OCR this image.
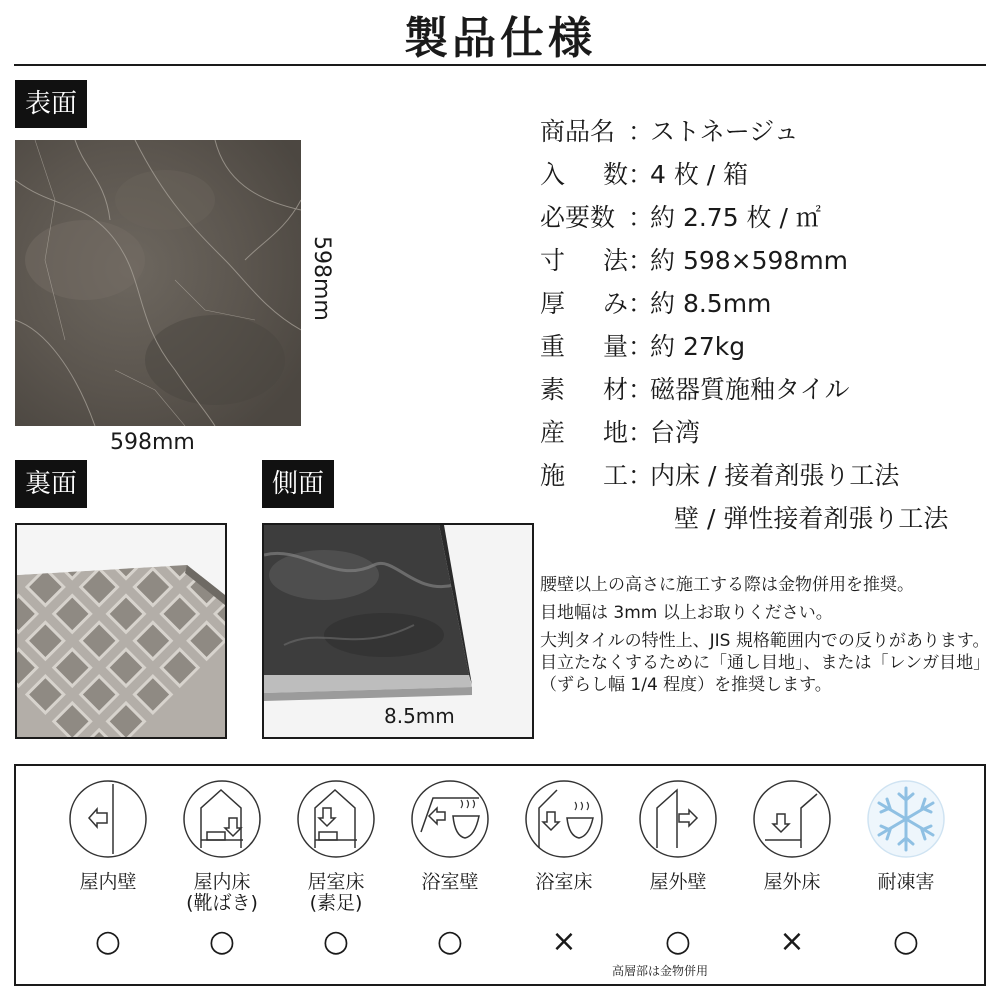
製品仕様
表面
598mm
598mm
裏面	側面
8.5mm
商品名 ：
ストネージュ
入 数 ：
4 枚 / 箱
必要数 ：
約 2.75 枚 / ㎡
寸 法 ：
約 598×598mm
厚 み ：
約 8.5mm
重 量 ：
約 27kg
素 材 ：
磁器質施釉タイル
産 地 ：
台湾
施 工 ：
内床 / 接着剤張り工法
壁 / 弾性接着剤張り工法
腰壁以上の高さに施工する際は金物併用を推奨。
目地幅は 3mm 以上お取りください。
大判タイルの特性上、JIS 規格範囲内での反りがあります。目立たなくするために「通し目地」、または「レンガ目地」（ずらし幅 1/4 程度）を推奨します。
屋内壁
○
屋内床
(靴ばき)
○
居室床
(素足)
○
浴室壁
○
浴室床
×
屋外壁
○
屋外床
×
耐凍害
○
高層部は金物併用
